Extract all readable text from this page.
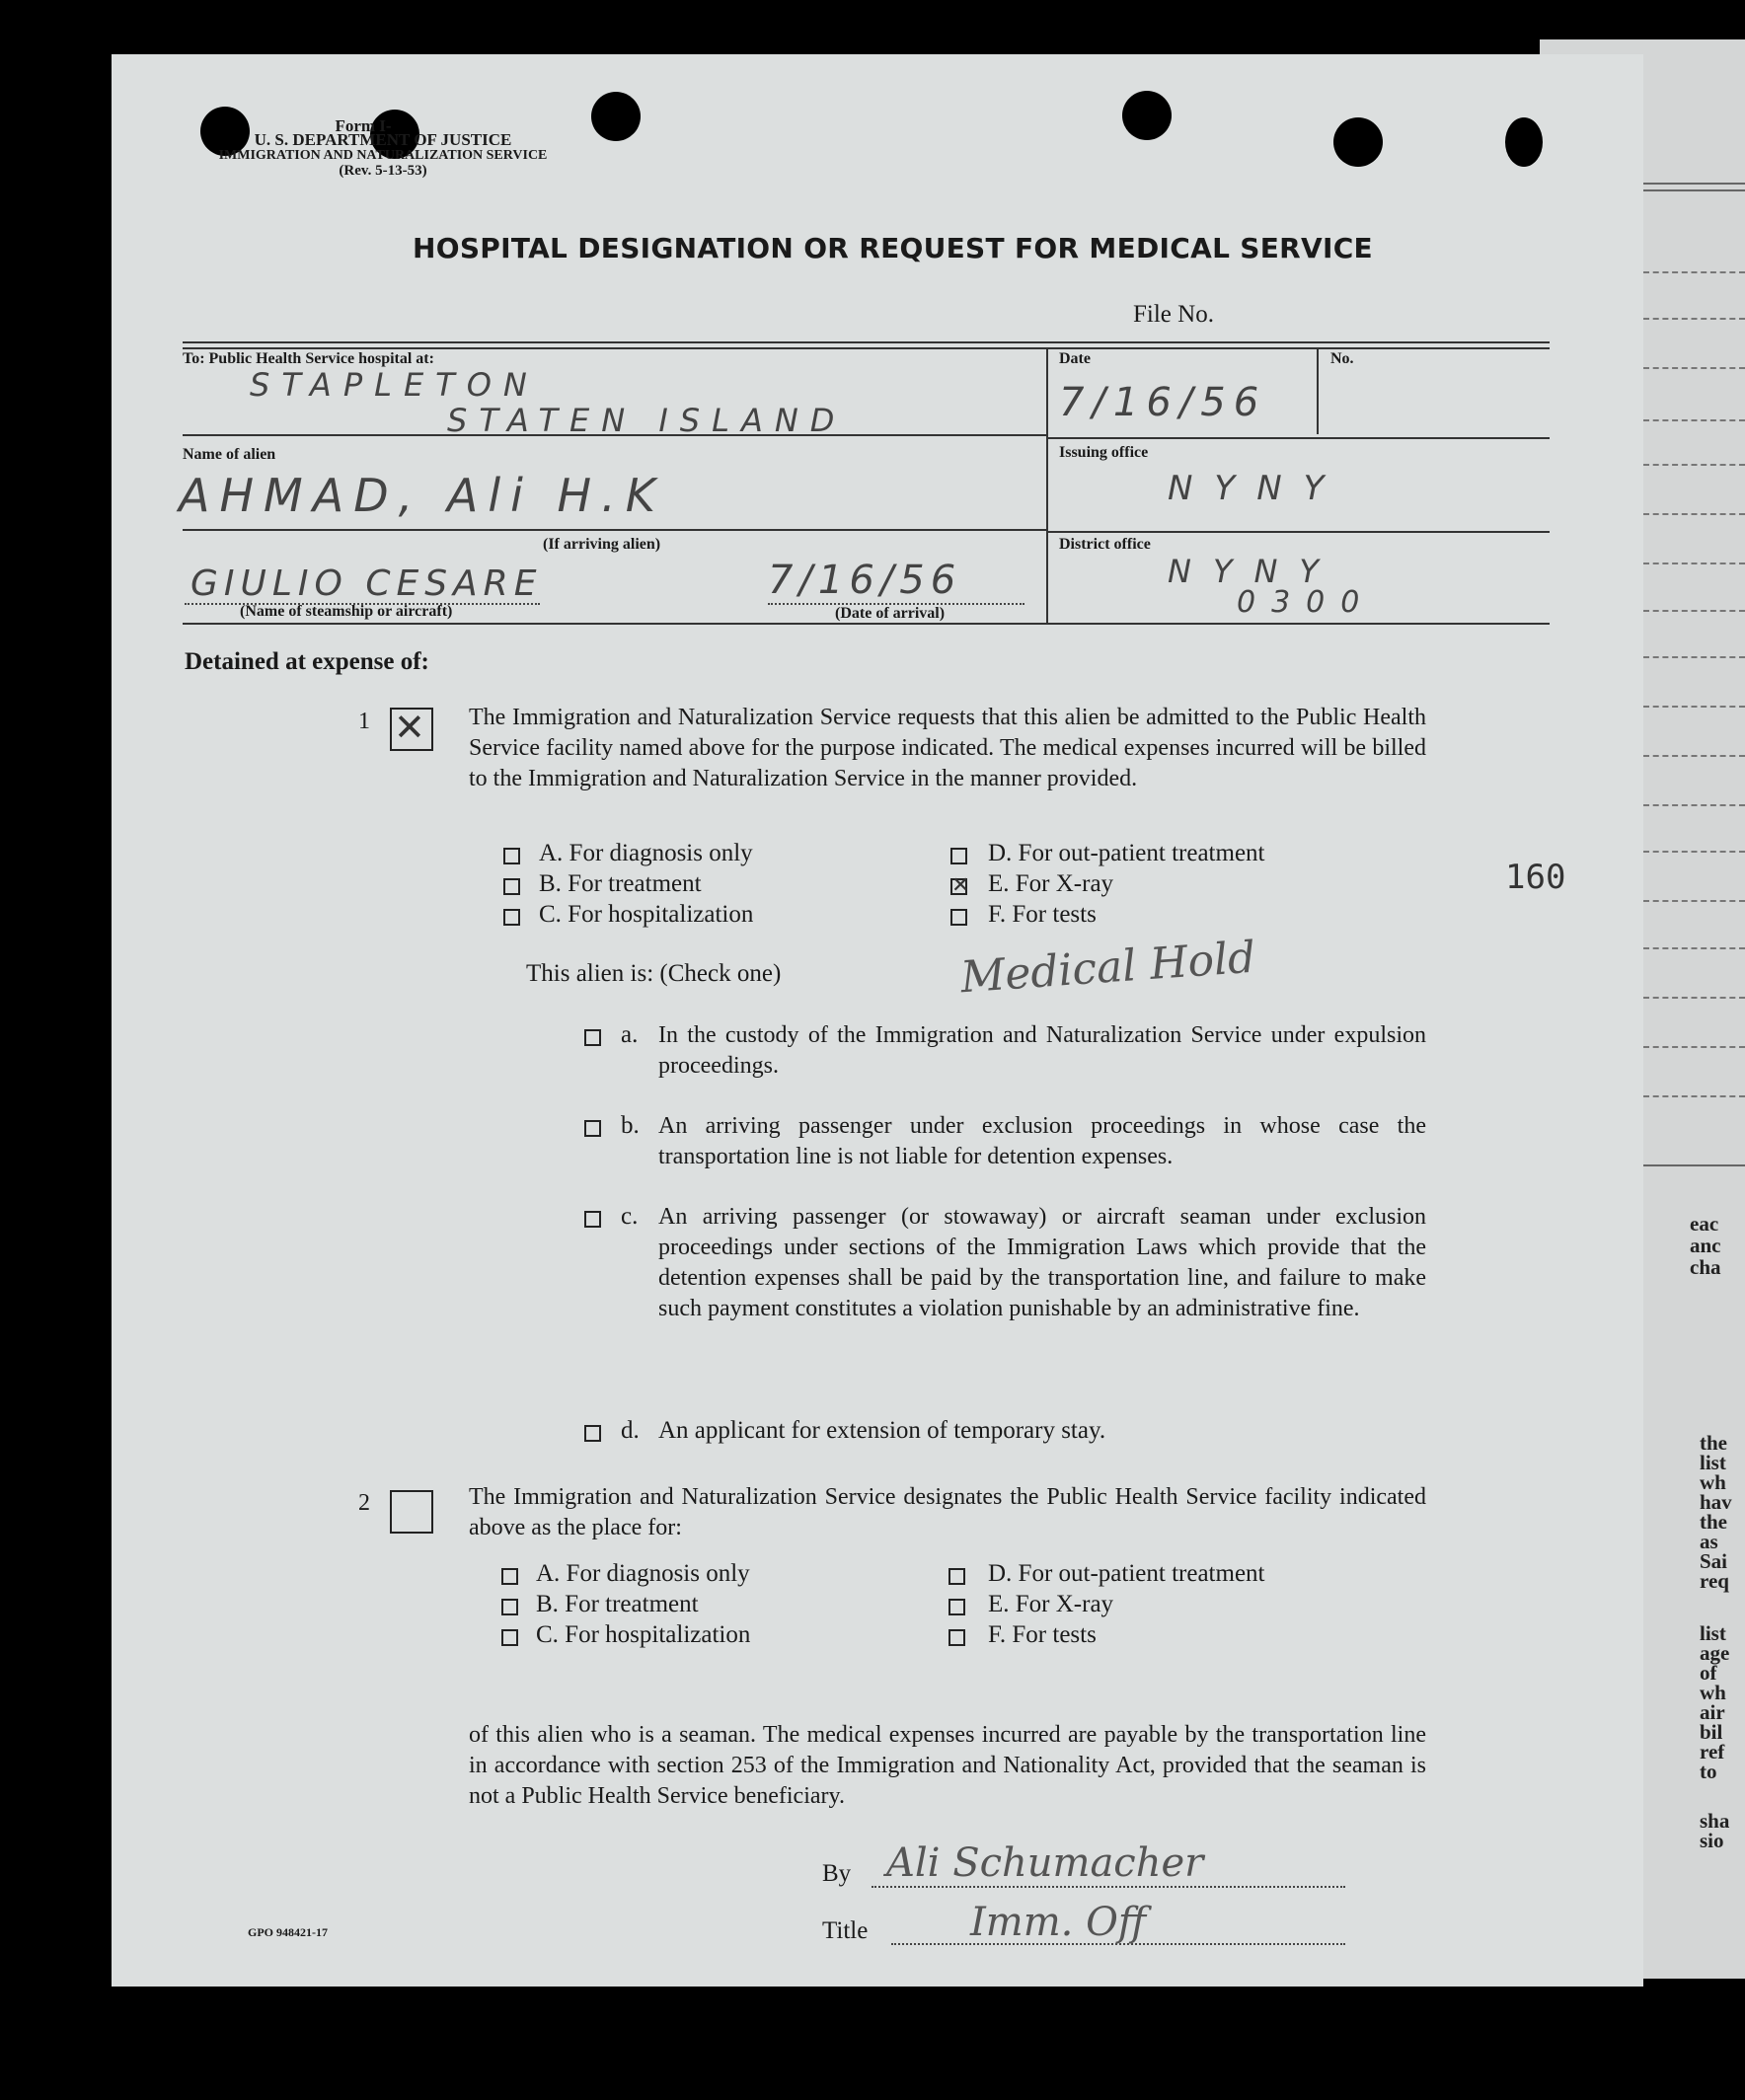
eac
anc
cha
the
list
wh
hav
the
as
Sai
req
list
age
of
wh
air
bil
ref
to
sha
sio
Form I-
U. S. DEPARTMENT OF JUSTICE
IMMIGRATION AND NATURALIZATION SERVICE
(Rev. 5-13-53)
HOSPITAL DESIGNATION OR REQUEST FOR MEDICAL SERVICE
File No.
To: Public Health Service hospital at:
STAPLETON
STATEN ISLAND
Date
7/16/56
No.
Name of alien
AHMAD, Ali H.K
Issuing office
NYNY
(If arriving alien)	District office
NYNY
0300
GIULIO CESARE
(Name of steamship or aircraft)
7/16/56
(Date of arrival)
Detained at expense of:
1 ✕ The Immigration and Naturalization Service requests that this alien be admitted to the Public Health Service facility named above for the purpose indicated. The medical expenses incurred will be billed to the Immigration and Naturalization Service in the manner provided.
A. For diagnosis only
B. For treatment
C. For hospitalization
D. For out-patient treatment
✕ E. For X-ray
F. For tests
160
This alien is: (Check one)	Medical Hold
a. In the custody of the Immigration and Naturalization Service under expulsion proceedings.
b. An arriving passenger under exclusion proceedings in whose case the transportation line is not liable for detention expenses.
c. An arriving passenger (or stowaway) or aircraft seaman under exclusion proceedings under sections of the Immigration Laws which provide that the detention expenses shall be paid by the transportation line, and failure to make such payment constitutes a violation punishable by an administrative fine.
d. An applicant for extension of temporary stay.
2	The Immigration and Naturalization Service designates the Public Health Service facility indicated above as the place for:
A. For diagnosis only
B. For treatment
C. For hospitalization
D. For out-patient treatment
E. For X-ray
F. For tests
of this alien who is a seaman. The medical expenses incurred are payable by the transportation line in accordance with section 253 of the Immigration and Nationality Act, provided that the seaman is not a Public Health Service beneficiary.
By Ali Schumacher
Title	Imm. Off
GPO 948421-17
